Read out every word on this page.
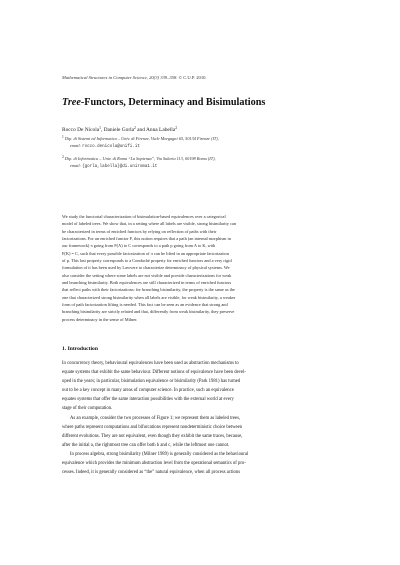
Mathematical Structures in Computer Science, 20(3) 339–358. © C.U.P. 2010.
Tree-Functors, Determinacy and Bisimulations
Rocco De Nicola$^1$, Daniele Gorla$^2$ and Anna Labella$^2$
$^1$ Dip. di Sistemi ed Informatica – Univ. di Firenze, Viale Morgagni 65, 50134 Firenze (IT),
email: rocco.denicola@unifi.it
$^2$ Dip. di Informatica – Univ. di Roma “La Sapienza”, Via Salaria 113, 00198 Roma (IT),
email: {gorla,labella}@di.uniroma1.it
We study the functorial characterization of bisimulation-based equivalences over a categorical
model of labeled trees. We show that, in a setting where all labels are visible, strong bisimilarity can
be characterized in terms of enriched functors by relying on reflection of paths with their
factorizations. For an enriched functor F, this notion requires that a path (an internal morphism in
our framework) π going from F(A) to C corresponds to a path p going from A to K, with
F(K) = C, such that every possible factorization of π can be lifted in an appropriate factorization
of p. This last property corresponds to a Conduché property for enriched functors and a very rigid
formulation of it has been used by Lawvere to characterize determinacy of physical systems. We
also consider the setting where some labels are not visible and provide characterizations for weak
and branching bisimilarity. Both equivalences are still characterized in terms of enriched functors
that reflect paths with their factorizations: for branching bisimilarity, the property is the same as the
one that characterized strong bisimilarity when all labels are visible, for weak bisimilarity, a weaker
form of path factorization lifting is needed. This fact can be seen as an evidence that strong and
branching bisimilarity are strictly related and that, differently from weak bisimilarity, they preserve
process determinacy in the sense of Milner.
1. Introduction
In concurrency theory, behavioural equivalences have been used as abstraction mechanisms to
equate systems that exhibit the same behaviour. Different notions of equivalence have been devel-
oped in the years; in particular, bisimulation equivalence or bisimilarity (Park 1981) has turned
out to be a key concept in many areas of computer science. In practice, such an equivalence
equates systems that offer the same interaction possibilities with the external world at every
stage of their computation.
As an example, consider the two processes of Figure 1; we represent them as labeled trees,
where paths represent computations and bifurcations represent nondeterministic choice between
different evolutions. They are not equivalent, even though they exhibit the same traces, because,
after the initial a, the rightmost tree can offer both b and c, while the leftmost one cannot.
In process algebra, strong bisimilarity (Milner 1989) is generally considered as the behavioural
equivalence which provides the minimum abstraction level from the operational semantics of pro-
cesses. Indeed, it is generally considered as “the” natural equivalence, when all process actions
